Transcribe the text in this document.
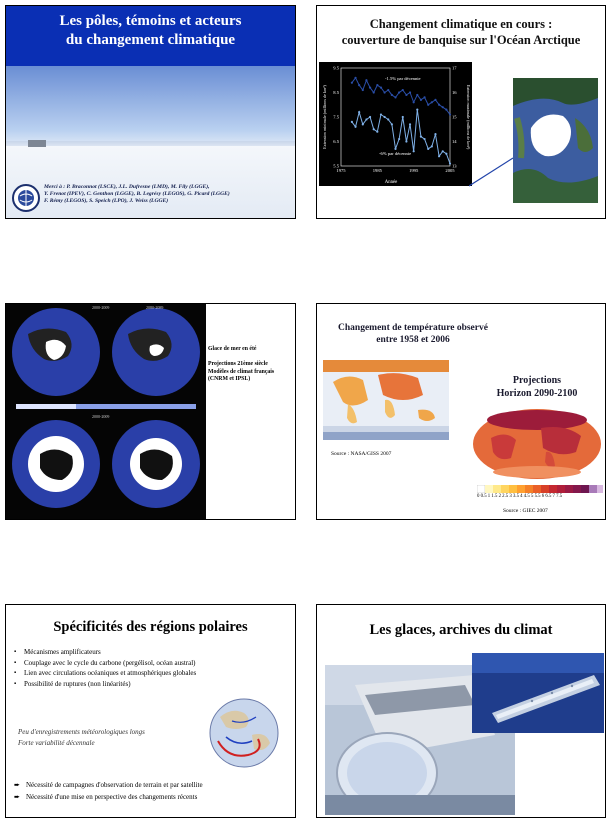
Les pôles, témoins et acteurs
du changement climatique
Merci à : P. Braconnot (LSCE), J.L. Dufresne (LMD), M. Fily (LGGE),
Y. Frenot (IPEV), C. Genthon (LGGE), B. Legrésy (LEGOS), G. Picard (LGGE)
F. Rémy (LEGOS), S. Speich (LPO), J. Weiss (LGGE)
Changement climatique en cours :
couverture de banquise sur l'Océan Arctique
5.5
6.5
7.5
8.5
9.5
13
14
15
16
17
1975	1985	1995	2005
-1.5% par décennie
-6% par décennie
Année
Extension minimale (millions de km²)	Extension maximale (millions de km²)
2000-2009	2080-2089
2000-2009
Glace de mer en été
Projections 21ème siècle
Modèles de climat français
(CNRM et IPSL)
Changement de température observé
entre 1958 et 2006
Source : NASA/GISS 2007
Projections
Horizon 2090-2100
0 0.5 1 1.5 2 2.5 3 3.5 4 4.5 5 5.5 6 6.5 7 7.5
Source : GIEC 2007
Spécificités des régions polaires
▪ Mécanismes amplificateurs
▪ Couplage avec le cycle du carbone (pergélisol, océan austral)
▪ Lien avec circulations océaniques et atmosphériques globales
▪ Possibilité de ruptures (non linéarités)
Peu d'enregistrements météorologiques longs
Forte variabilité décennale
➨ Nécessité de campagnes d'observation de terrain et par satellite
➨ Nécessité d'une mise en perspective des changements récents
Les glaces, archives du climat
